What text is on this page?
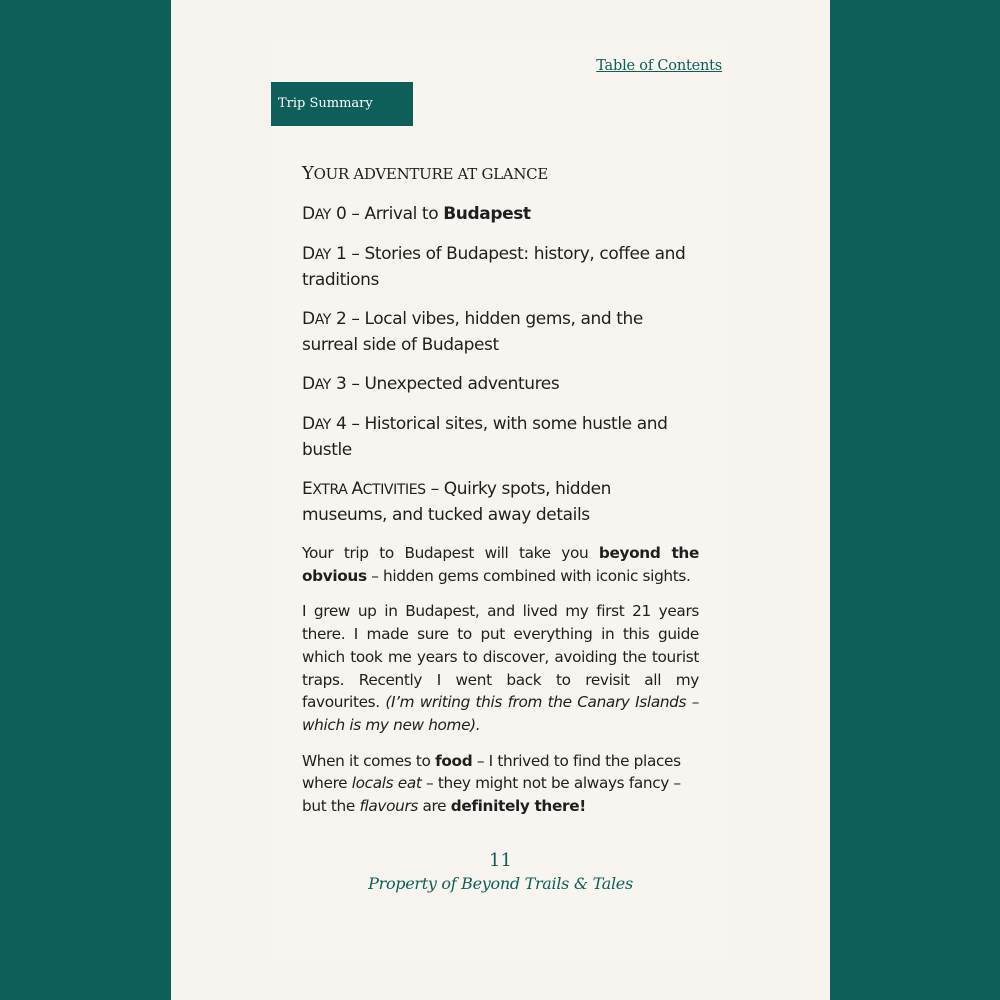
Table of Contents
Trip Summary
YOUR ADVENTURE AT GLANCE
DAY 0 – Arrival to Budapest
DAY 1 – Stories of Budapest: history, coffee and traditions
DAY 2 – Local vibes, hidden gems, and the surreal side of Budapest
DAY 3 – Unexpected adventures
DAY 4 – Historical sites, with some hustle and bustle
EXTRA ACTIVITIES – Quirky spots, hidden museums, and tucked away details
Your trip to Budapest will take you beyond the obvious – hidden gems combined with iconic sights.
I grew up in Budapest, and lived my first 21 years there. I made sure to put everything in this guide which took me years to discover, avoiding the tourist traps. Recently I went back to revisit all my favourites. (I’m writing this from the Canary Islands – which is my new home).
When it comes to food – I thrived to find the places where locals eat – they might not be always fancy – but the flavours are definitely there!
11
Property of Beyond Trails & Tales
